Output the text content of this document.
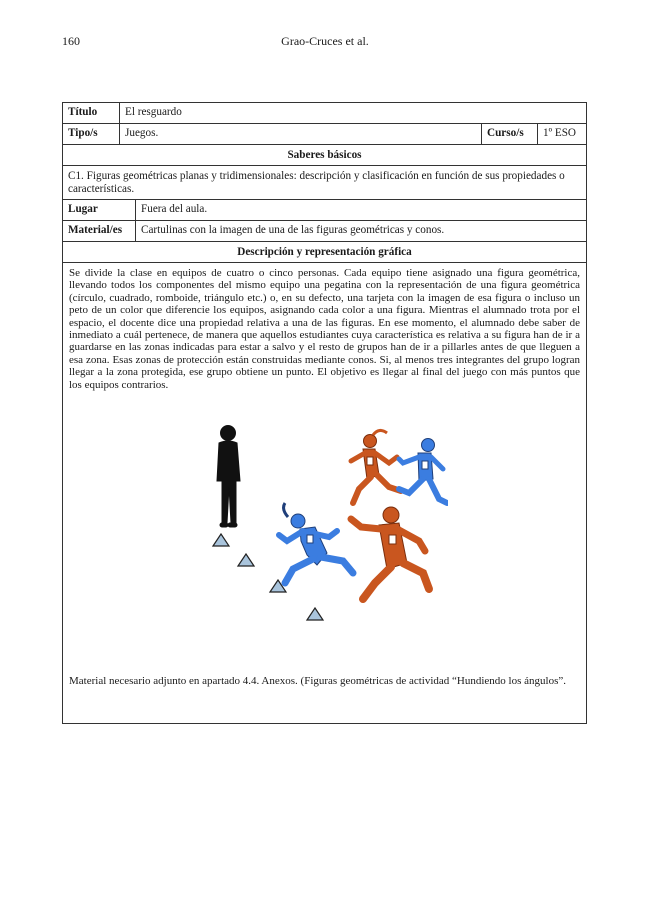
160	Grao-Cruces et al.
Título	El resguardo
Tipo/s	Juegos.	Curso/s	1º ESO
Saberes básicos
C1. Figuras geométricas planas y tridimensionales: descripción y clasificación en función de sus propiedades o características.
Lugar	Fuera del aula.
Material/es	Cartulinas con la imagen de una de las figuras geométricas y conos.
Descripción y representación gráfica
Se divide la clase en equipos de cuatro o cinco personas. Cada equipo tiene asignado una figura geométrica, llevando todos los componentes del mismo equipo una pegatina con la representación de una figura geométrica (círculo, cuadrado, romboide, triángulo etc.) o, en su defecto, una tarjeta con la imagen de esa figura o incluso un peto de un color que diferencie los equipos, asignando cada color a una figura. Mientras el alumnado trota por el espacio, el docente dice una propiedad relativa a una de las figuras. En ese momento, el alumnado debe saber de inmediato a cuál pertenece, de manera que aquellos estudiantes cuya característica es relativa a su figura han de ir a guardarse en las zonas indicadas para estar a salvo y el resto de grupos han de ir a pillarles antes de que lleguen a esa zona. Esas zonas de protección están construidas mediante conos. Si, al menos tres integrantes del grupo logran llegar a la zona protegida, ese grupo obtiene un punto. El objetivo es llegar al final del juego con más puntos que los equipos contrarios.
Material necesario adjunto en apartado 4.4. Anexos. (Figuras geométricas de actividad “Hundiendo los ángulos”.
